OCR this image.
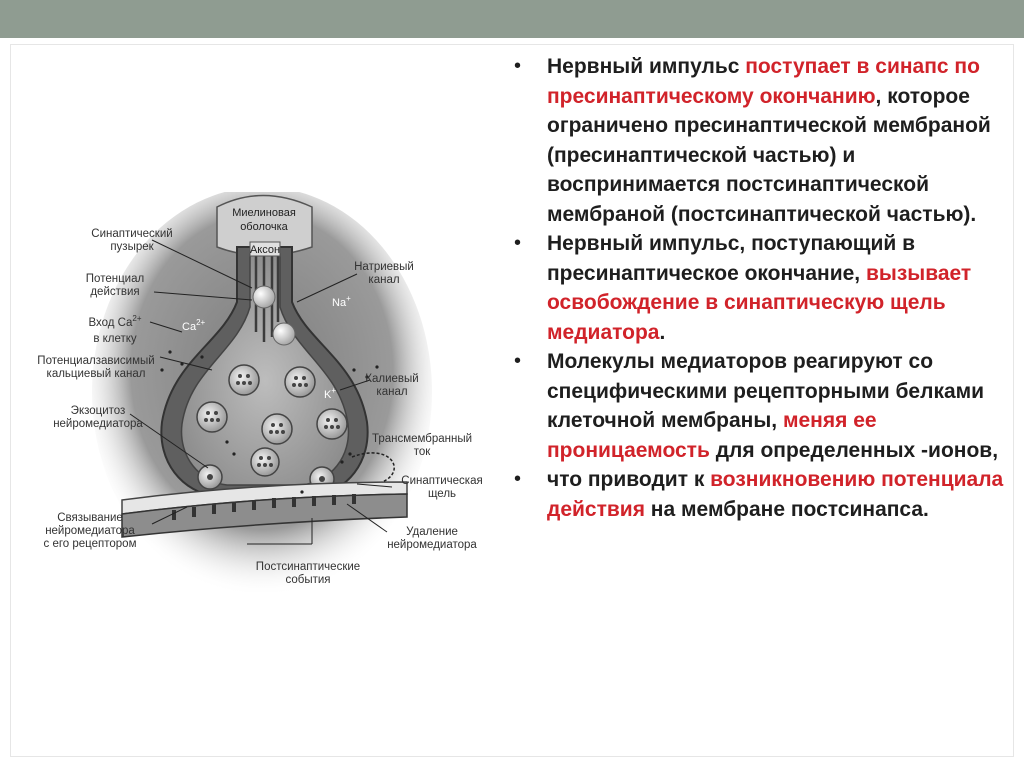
Миелиновая
оболочка
Аксон
$Ca^{2+}$
Na+
K+
Синаптический
пузырек
Потенциал
действия
Вход $Ca^{2+}$
в клетку
Потенциалзависимый
кальциевый канал
Экзоцитоз
нейромедиатора
Связывание
нейромедиатора
с его рецептором
Постсинаптические
события
Удаление
нейромедиатора
Синаптическая
щель
Трансмембранный
ток
Калиевый
канал
Натриевый
канал
• Нервный импульс поступает в синапс по пресинаптическому окончанию, которое ограничено пресинаптической мембраной (пресинаптической частью) и воспринимается постсинаптической мембраной (постсинаптической частью).
• Нервный импульс, поступающий в пресинаптическое окончание, вызывает освобождение в синаптическую щель медиатора.
• Молекулы медиаторов реагируют со специфическими рецепторными белками клеточной мембраны, меняя ее проницаемость для определенных -ионов,
• что приводит к возникновению потенциала действия на мембране постсинапса.
